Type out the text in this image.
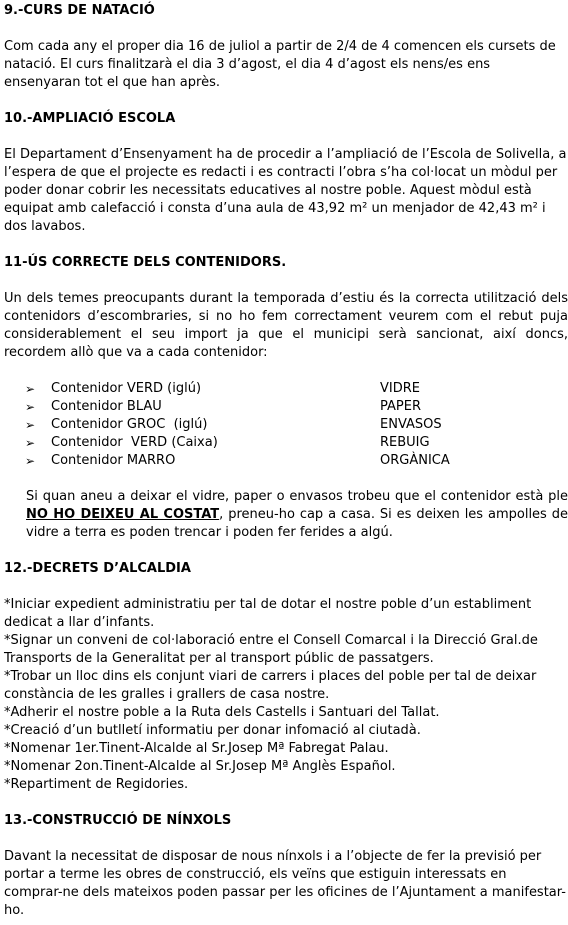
9.-CURS DE NATACIÓ

Com cada any el proper dia 16 de juliol a partir de 2/4 de 4 comencen els cursets de natació. El curs finalitzarà el dia 3 d’agost, el dia 4 d’agost els nens/es ens ensenyaran tot el que han après.

10.-AMPLIACIÓ ESCOLA

El Departament d’Ensenyament ha de procedir a l’ampliació de l’Escola de Solivella, a l’espera de que el projecte es redacti i es contracti l’obra s’ha col·locat un mòdul per poder donar cobrir les necessitats educatives al nostre poble. Aquest mòdul està equipat amb calefacció i consta d’una aula de 43,92 m² un menjador de 42,43 m² i dos lavabos.

11-ÚS CORRECTE DELS CONTENIDORS.

Un dels temes preocupants durant la temporada d’estiu és la correcta utilització dels contenidors d’escombraries, si no ho fem correctament veurem com el rebut puja considerablement el seu import ja que el municipi serà sancionat, així doncs, recordem allò que va a cada contenidor:

➢ Contenidor VERD (iglú)	VIDRE
➢ Contenidor BLAU	PAPER
➢ Contenidor GROC  (iglú)	ENVASOS
➢ Contenidor  VERD (Caixa)	REBUIG
➢ Contenidor MARRO	ORGÀNICA

Si quan aneu a deixar el vidre, paper o envasos trobeu que el contenidor està ple NO HO DEIXEU AL COSTAT, preneu-ho cap a casa. Si es deixen les ampolles de vidre a terra es poden trencar i poden fer ferides a algú.

12.-DECRETS D’ALCALDIA

*Iniciar expedient administratiu per tal de dotar el nostre poble d’un establiment dedicat a llar d’infants.

*Signar un conveni de col·laboració entre el Consell Comarcal i la Direcció Gral.de Transports de la Generalitat per al transport públic de passatgers.

*Trobar un lloc dins els conjunt viari de carrers i places del poble per tal de deixar constància de les gralles i grallers de casa nostre.

*Adherir el nostre poble a la Ruta dels Castells i Santuari del Tallat.

*Creació d’un butlletí informatiu per donar infomació al ciutadà.

*Nomenar 1er.Tinent-Alcalde al Sr.Josep Mª Fabregat Palau.

*Nomenar 2on.Tinent-Alcalde al Sr.Josep Mª Anglès Español.

*Repartiment de Regidories.

13.-CONSTRUCCIÓ DE NÍNXOLS

Davant la necessitat de disposar de nous nínxols i a l’objecte de fer la previsió per portar a terme les obres de construcció, els veïns que estiguin interessats en comprar-ne dels mateixos poden passar per les oficines de l’Ajuntament a manifestar-ho.
